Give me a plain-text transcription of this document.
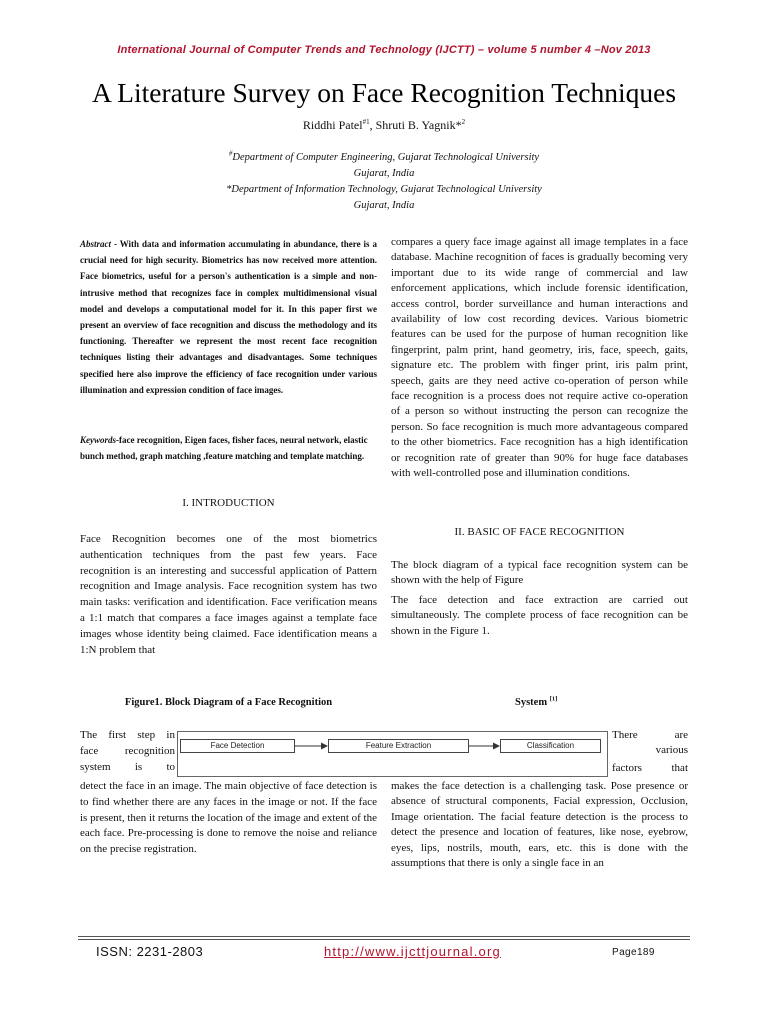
International Journal of Computer Trends and Technology (IJCTT) – volume 5 number 4 –Nov 2013
A Literature Survey on Face Recognition Techniques
Riddhi Patel$^{\#1}$, Shruti B. Yagnik*$^2$
#Department of Computer Engineering, Gujarat Technological University
Gujarat, India
*Department of Information Technology, Gujarat Technological University
Gujarat, India
Abstract - With data and information accumulating in abundance, there is a crucial need for high security. Biometrics has now received more attention. Face biometrics, useful for a person's authentication is a simple and non-intrusive method that recognizes face in complex multidimensional visual model and develops a computational model for it. In this paper first we present an overview of face recognition and discuss the methodology and its functioning. Thereafter we represent the most recent face recognition techniques listing their advantages and disadvantages. Some techniques specified here also improve the efficiency of face recognition under various illumination and expression condition of face images.
Keywords-face recognition, Eigen faces, fisher faces, neural network, elastic bunch method, graph matching ,feature matching and template matching.
I. INTRODUCTION
Face Recognition becomes one of the most biometrics authentication techniques from the past few years. Face recognition is an interesting and successful application of Pattern recognition and Image analysis. Face recognition system has two main tasks: verification and identification. Face verification means a 1:1 match that compares a face images against a template face images whose identity being claimed. Face identification means a 1:N problem that
compares a query face image against all image templates in a face database. Machine recognition of faces is gradually becoming very important due to its wide range of commercial and law enforcement applications, which include forensic identification, access control, border surveillance and human interactions and availability of low cost recording devices. Various biometric features can be used for the purpose of human recognition like fingerprint, palm print, hand geometry, iris, face, speech, gaits, signature etc. The problem with finger print, iris palm print, speech, gaits are they need active co-operation of person while face recognition is a process does not require active co-operation of a person so without instructing the person can recognize the person. So face recognition is much more advantageous compared to the other biometrics. Face recognition has a high identification or recognition rate of greater than 90% for huge face databases with well-controlled pose and illumination conditions.
II. BASIC OF FACE RECOGNITION
The block diagram of a typical face recognition system can be shown with the help of Figure
The face detection and face extraction are carried out simultaneously. The complete process of face recognition can be shown in the Figure 1.
Figure1. Block Diagram of a Face Recognition	System [1]
Face Detection	Feature Extraction	Classification
The first step in
face recognition
system is to
detect the face in an image. The main objective of face detection is to find whether there are any faces in the image or not. If the face is present, then it returns the location of the image and extent of the each face. Pre-processing is done to remove the noise and reliance on the precise registration.
There	are
various
factors	that
makes the face detection is a challenging task. Pose presence or absence of structural components, Facial expression, Occlusion, Image orientation. The facial feature detection is the process to detect the presence and location of features, like nose, eyebrow, eyes, lips, nostrils, mouth, ears, etc. this is done with the assumptions that there is only a single face in an
ISSN: 2231-2803	http://www.ijcttjournal.org	Page189
